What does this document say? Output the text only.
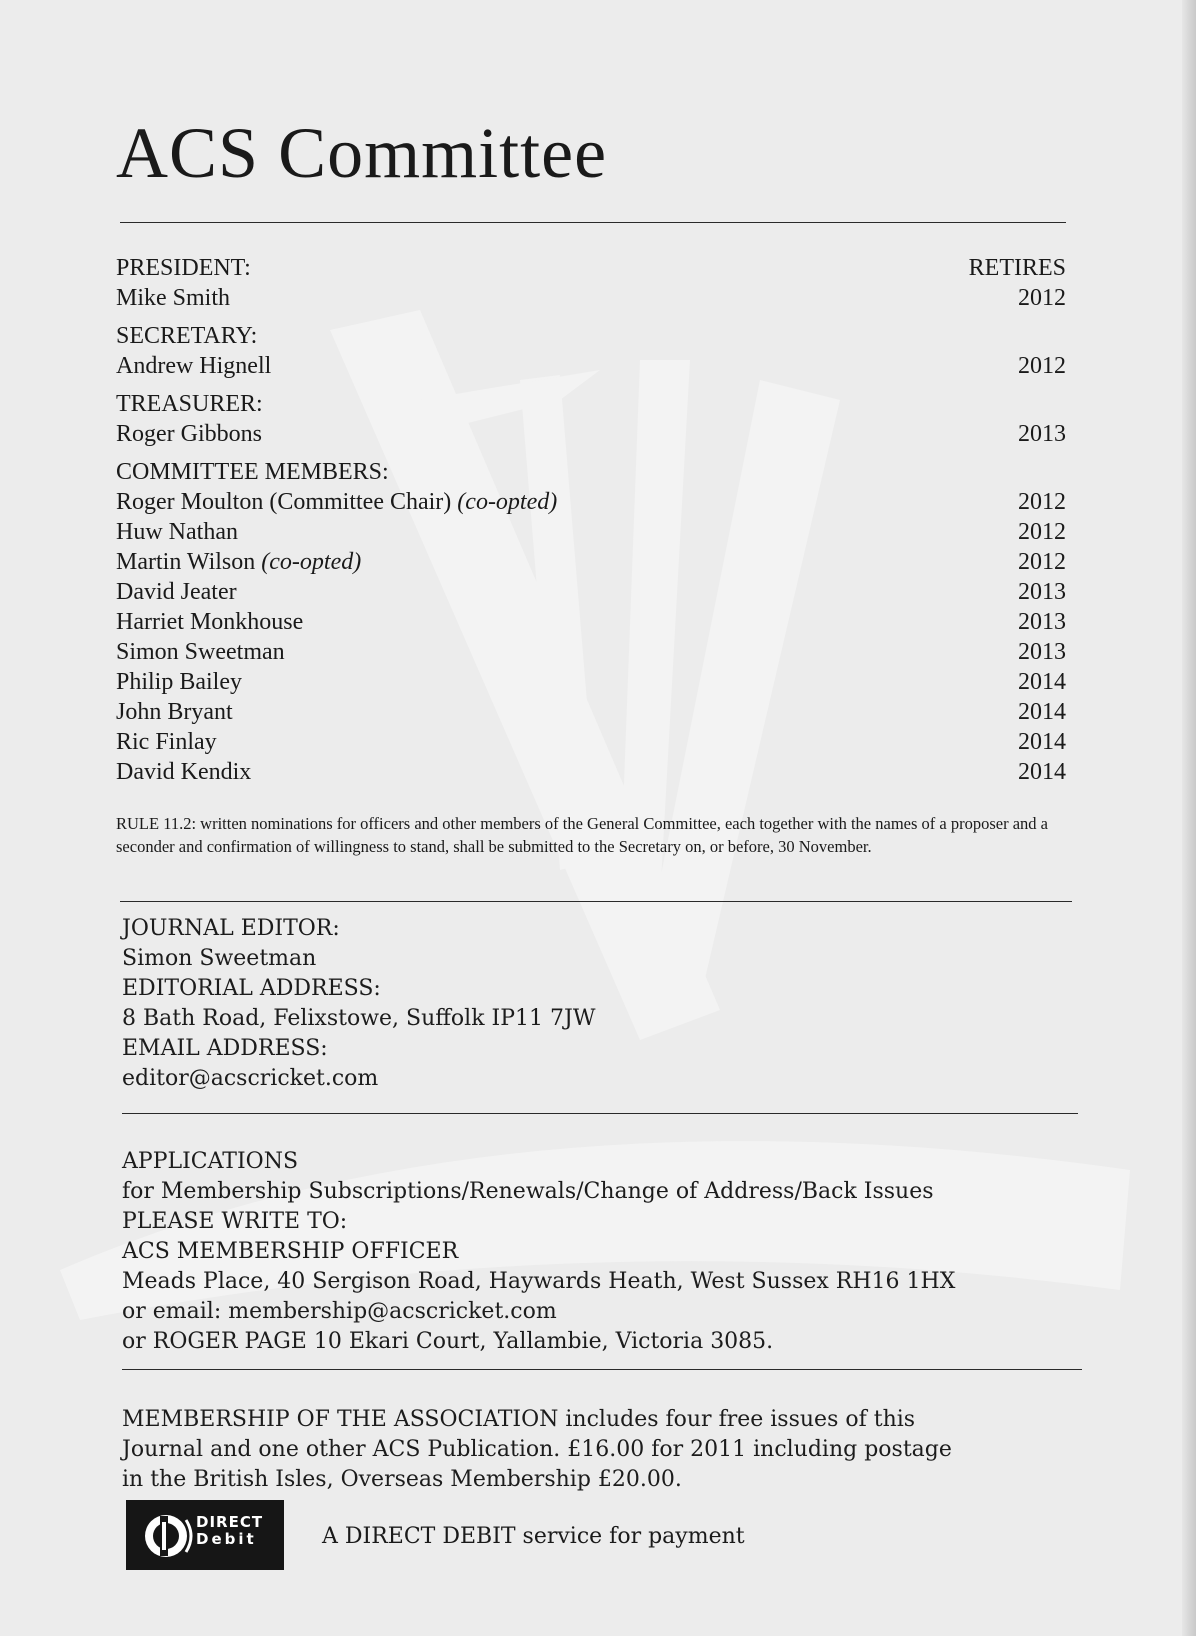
ACS Committee
PRESIDENT:	RETIRES
Mike Smith	2012
SECRETARY:
Andrew Hignell	2012
TREASURER:
Roger Gibbons	2013
COMMITTEE MEMBERS:
Roger Moulton (Committee Chair) (co-opted)	2012
Huw Nathan	2012
Martin Wilson (co-opted)	2012
David Jeater	2013
Harriet Monkhouse	2013
Simon Sweetman	2013
Philip Bailey	2014
John Bryant	2014
Ric Finlay	2014
David Kendix	2014
RULE 11.2: written nominations for officers and other members of the General Committee, each together with the names of a proposer and a seconder and confirmation of willingness to stand, shall be submitted to the Secretary on, or before, 30 November.
JOURNAL EDITOR:
Simon Sweetman
EDITORIAL ADDRESS:
8 Bath Road, Felixstowe, Suffolk IP11 7JW
EMAIL ADDRESS:
editor@acscricket.com
APPLICATIONS
for Membership Subscriptions/Renewals/Change of Address/Back Issues
PLEASE WRITE TO:
ACS MEMBERSHIP OFFICER
Meads Place, 40 Sergison Road, Haywards Heath, West Sussex RH16 1HX
or email: membership@acscricket.com
or ROGER PAGE 10 Ekari Court, Yallambie, Victoria 3085.
MEMBERSHIP OF THE ASSOCIATION includes four free issues of this
Journal and one other ACS Publication. £16.00 for 2011 including postage
in the British Isles, Overseas Membership £20.00.
DIRECT
Debit	A DIRECT DEBIT service for payment
